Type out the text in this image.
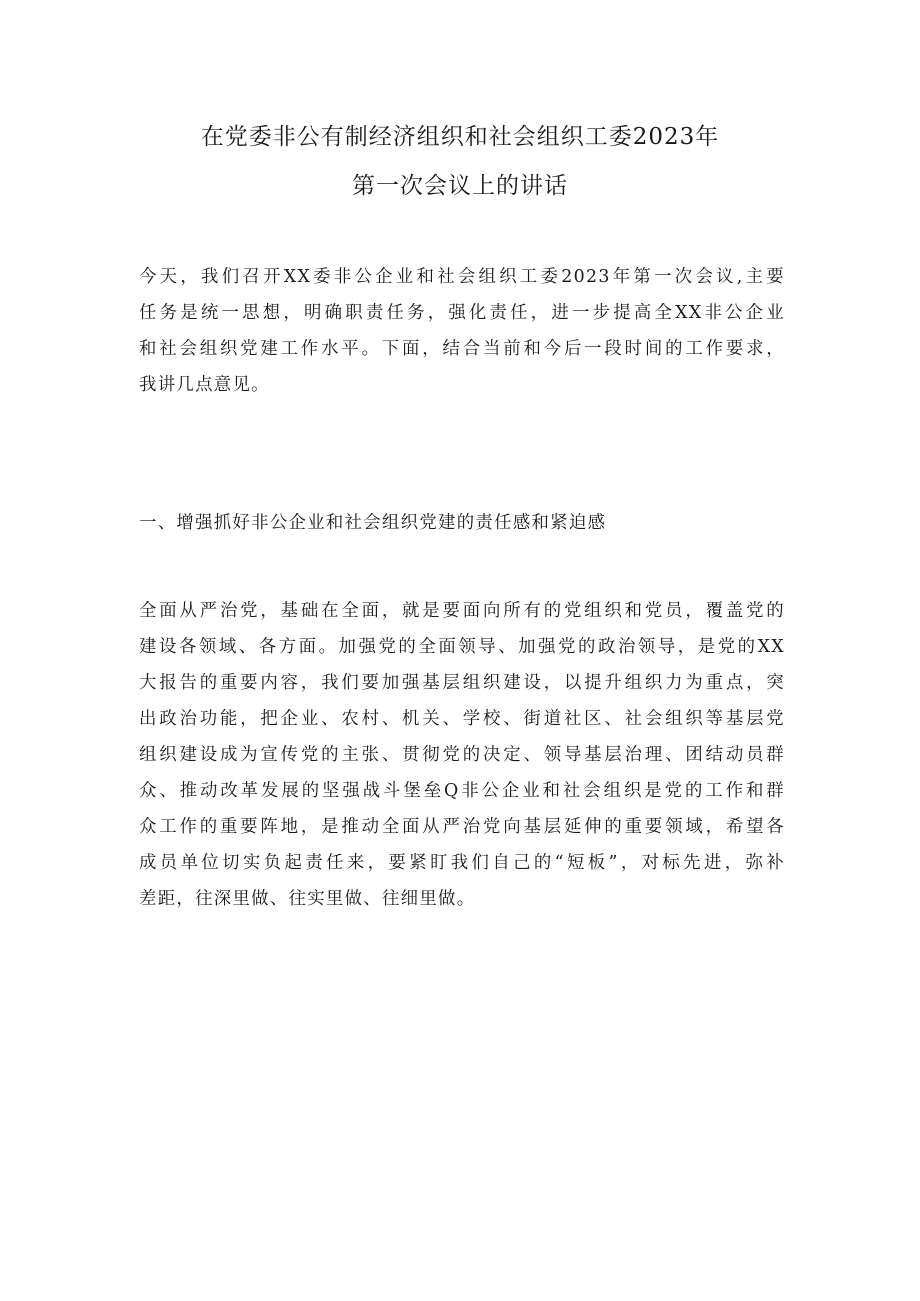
在党委非公有制经济组织和社会组织工委2023年
第一次会议上的讲话
今天，我们召开XX委非公企业和社会组织工委2023年第一次会议,主要
任务是统一思想，明确职责任务，强化责任，进一步提高全XX非公企业
和社会组织党建工作水平。下面，结合当前和今后一段时间的工作要求，
我讲几点意见。
一、增强抓好非公企业和社会组织党建的责任感和紧迫感
全面从严治党，基础在全面，就是要面向所有的党组织和党员，覆盖党的
建设各领域、各方面。加强党的全面领导、加强党的政治领导，是党的XX
大报告的重要内容，我们要加强基层组织建设，以提升组织力为重点，突
出政治功能，把企业、农村、机关、学校、街道社区、社会组织等基层党
组织建设成为宣传党的主张、贯彻党的决定、领导基层治理、团结动员群
众、推动改革发展的坚强战斗堡垒Q非公企业和社会组织是党的工作和群
众工作的重要阵地，是推动全面从严治党向基层延伸的重要领域，希望各
成员单位切实负起责任来，要紧盯我们自己的“短板”，对标先进，弥补
差距，往深里做、往实里做、往细里做。
